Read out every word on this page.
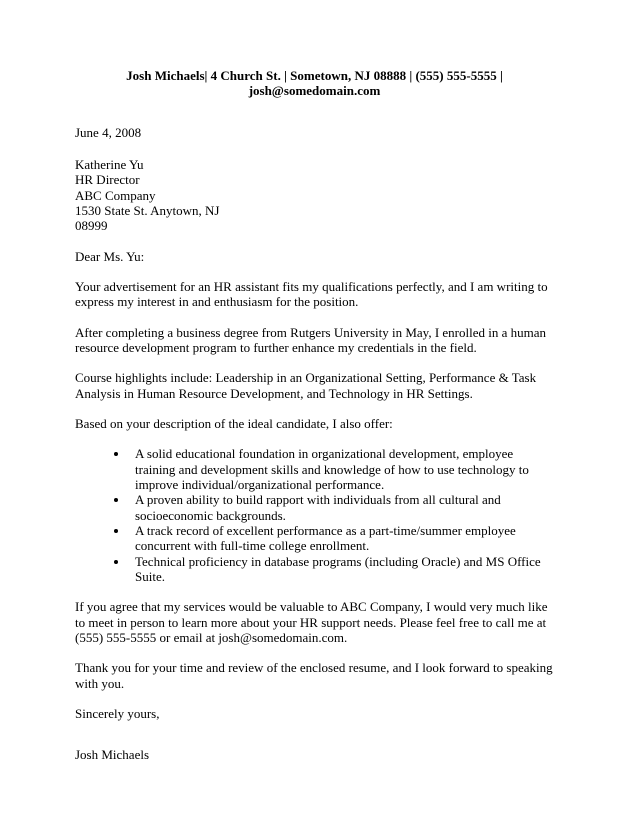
Josh Michaels| 4 Church St. | Sometown, NJ 08888 | (555) 555-5555 |
josh@somedomain.com
June 4, 2008
Katherine Yu
HR Director
ABC Company
1530 State St. Anytown, NJ
08999
Dear Ms. Yu:

Your advertisement for an HR assistant fits my qualifications perfectly, and I am writing to express my interest in and enthusiasm for the position.

After completing a business degree from Rutgers University in May, I enrolled in a human resource development program to further enhance my credentials in the field.

Course highlights include: Leadership in an Organizational Setting, Performance & Task Analysis in Human Resource Development, and Technology in HR Settings.

Based on your description of the ideal candidate, I also offer:

• A solid educational foundation in organizational development, employee training and development skills and knowledge of how to use technology to improve individual/organizational performance.
• A proven ability to build rapport with individuals from all cultural and socioeconomic backgrounds.
• A track record of excellent performance as a part-time/summer employee concurrent with full-time college enrollment.
• Technical proficiency in database programs (including Oracle) and MS Office Suite.

If you agree that my services would be valuable to ABC Company, I would very much like to meet in person to learn more about your HR support needs. Please feel free to call me at (555) 555-5555 or email at josh@somedomain.com.

Thank you for your time and review of the enclosed resume, and I look forward to speaking with you.

Sincerely yours,
Josh Michaels
